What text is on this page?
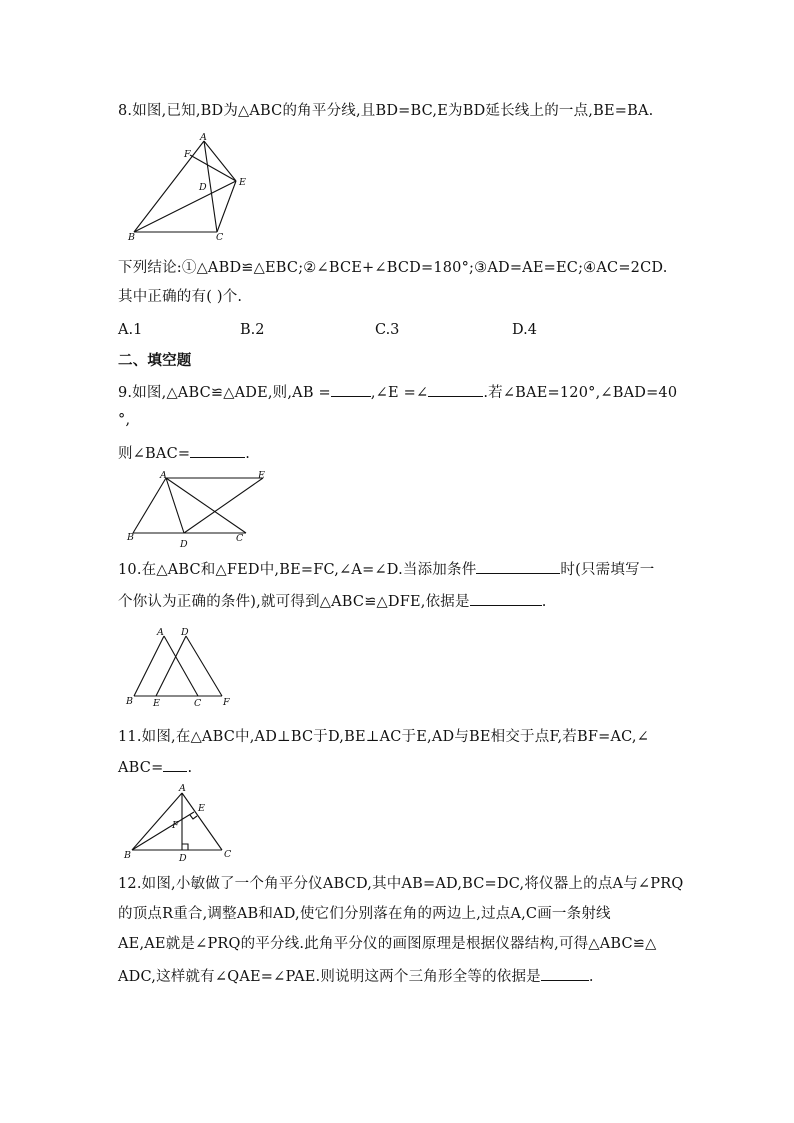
8.如图,已知,BD为△ABC的角平分线,且BD=BC,E为BD延长线上的一点,BE=BA.
A
F
E
D
B	C
下列结论:①△ABD≌△EBC;②∠BCE+∠BCD=180°;③AD=AE=EC;④AC=2CD.
其中正确的有( )个.
A.1	B.2	C.3	D.4
二、填空题
9.如图,△ABC≌△ADE,则,AB =	,∠E =∠	.若∠BAE=120°,∠BAD=40
°,
则∠BAC=	.
A	E
B
D
C
10.在△ABC和△FED中,BE=FC,∠A=∠D.当添加条件	时(只需填写一
个你认为正确的条件),就可得到△ABC≌△DFE,依据是	.
A D
B E	C F
11.如图,在△ABC中,AD⊥BC于D,BE⊥AC于E,AD与BE相交于点F,若BF=AC,∠
ABC= .
A
E
F
B	D	C
12.如图,小敏做了一个角平分仪ABCD,其中AB=AD,BC=DC,将仪器上的点A与∠PRQ
的顶点R重合,调整AB和AD,使它们分别落在角的两边上,过点A,C画一条射线
AE,AE就是∠PRQ的平分线.此角平分仪的画图原理是根据仪器结构,可得△ABC≌△
ADC,这样就有∠QAE=∠PAE.则说明这两个三角形全等的依据是	.
